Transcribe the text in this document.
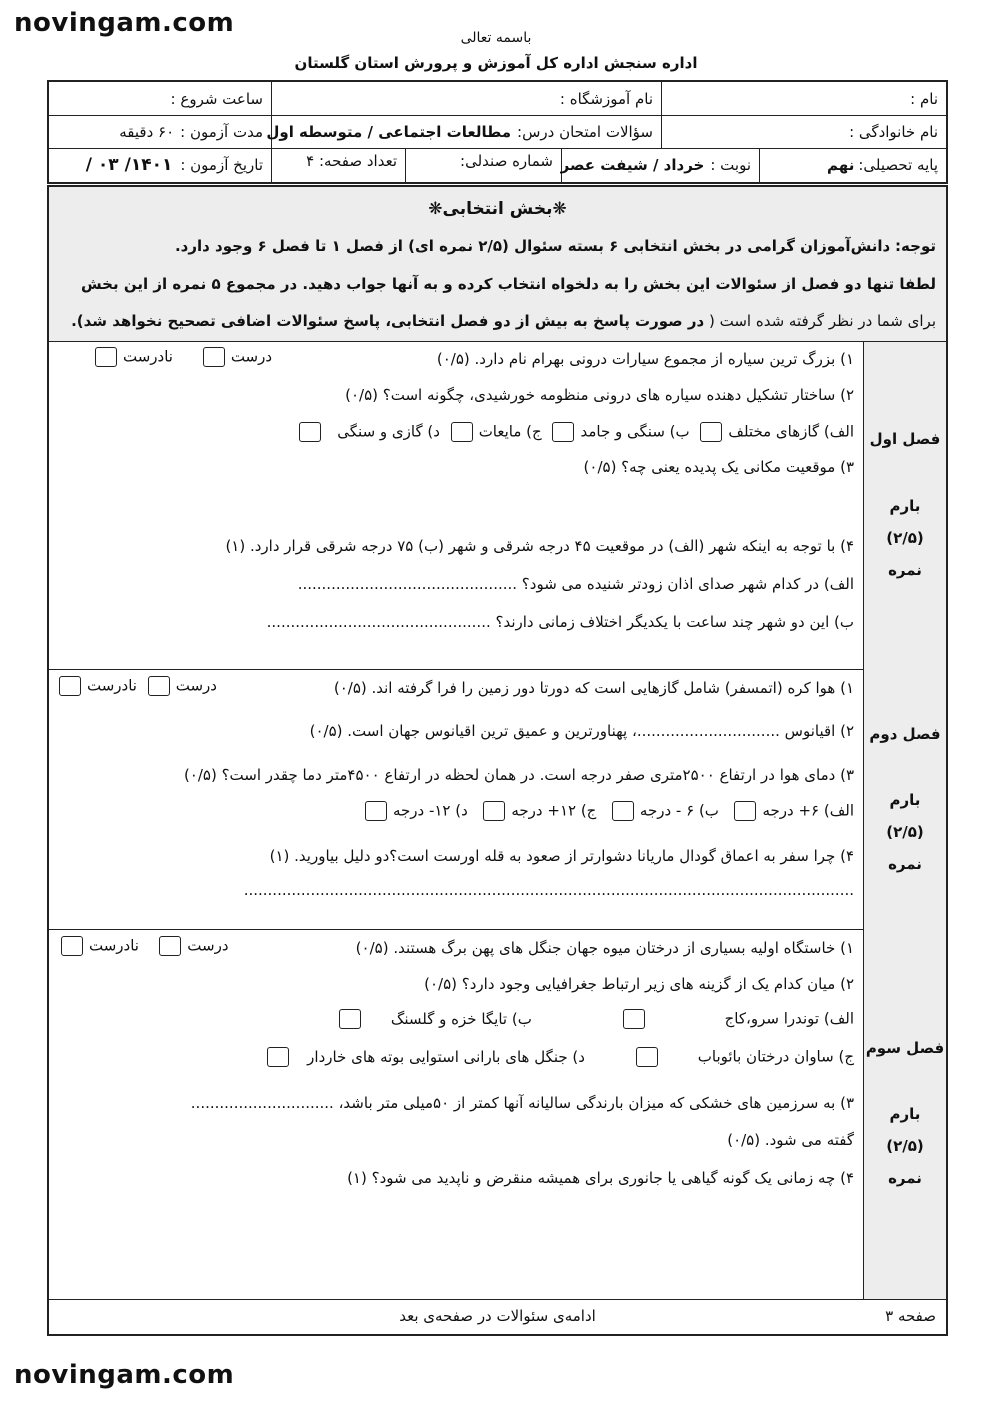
novingam.com	باسمه تعالی
اداره سنجش اداره کل آموزش و پرورش استان گلستان
نام :
نام آموزشگاه :
ساعت شروع :
نام خانوادگی :
سؤالات امتحان درس:
مطالعات اجتماعی / متوسطه اول
مدت آزمون :
۶۰ دقیقه
پایه تحصیلی:
نهم
نوبت :
خرداد / شیفت عصر
شماره صندلی:
تعداد صفحه: ۴
تاریخ آزمون :
۱۴۰۱/ ۰۳ /
❋بخش انتخابی❋
توجه: دانش‌آموزان گرامی در بخش انتخابی ۶ بسته سئوال (۲/۵ نمره ای) از فصل ۱ تا فصل ۶ وجود دارد.
لطفا تنها دو فصل از سئوالات این بخش را به دلخواه انتخاب کرده و به آنها جواب دهید. در مجموع ۵ نمره از این بخش
برای شما در نظر گرفته شده است ( در صورت پاسخ به بیش از دو فصل انتخابی، پاسخ سئوالات اضافی تصحیح نخواهد شد).
فصل اول
بارم
(۲/۵)
نمره
۱) بزرگ ترین سیاره از مجموع سیارات درونی بهرام نام دارد. (۰/۵)
درست     نادرست
۲) ساختار تشکیل دهنده سیاره های درونی منظومه خورشیدی، چگونه است؟ (۰/۵)
الف) گازهای مختلف ب) سنگی و جامد ج) مایعات د) گازی و سنگی
۳) موقعیت مکانی یک پدیده یعنی چه؟ (۰/۵)
۴) با توجه به اینکه شهر (الف) در موقعیت ۴۵ درجه شرقی و شهر (ب) ۷۵ درجه شرقی قرار دارد. (۱)
الف) در کدام شهر صدای اذان زودتر شنیده می شود؟ ..............................................
ب) این دو شهر چند ساعت با یکدیگر اختلاف زمانی دارند؟ ...............................................
فصل دوم
بارم
(۲/۵)
نمره
۱) هوا کره (اتمسفر) شامل گازهایی است که دورتا دور زمین را فرا گرفته اند. (۰/۵)
درست نادرست
۲) اقیانوس ..............................، پهناورترین و عمیق ترین اقیانوس جهان است. (۰/۵)
۳) دمای هوا در ارتفاع ۲۵۰۰متری صفر درجه است. در همان لحظه در ارتفاع ۴۵۰۰متر دما چقدر است؟ (۰/۵)
الف) ۶+ درجه  ب) ۶ - درجه  ج) ۱۲+ درجه  د) ۱۲- درجه
۴) چرا سفر به اعماق گودال ماریانا دشوارتر از صعود به قله اورست است؟دو دلیل بیاورید. (۱)
................................................................................................................................
فصل سوم
بارم
(۲/۵)
نمره
۱) خاستگاه اولیه بسیاری از درختان میوه جهان جنگل های پهن برگ هستند. (۰/۵)
درست   نادرست
۲) میان کدام یک از گزینه های زیر ارتباط جغرافیایی وجود دارد؟ (۰/۵)
الف) توندرا سرو،کاج ب) تایگا خزه و گلسنگ
ج) ساوان درختان بائوباب د) جنگل های بارانی استوایی بوته های خاردار
۳) به سرزمین های خشکی که میزان بارندگی سالیانه آنها کمتر از ۵۰میلی متر باشد، ..............................
گفته می شود. (۰/۵)
۴) چه زمانی یک گونه گیاهی یا جانوری برای همیشه منقرض و ناپدید می شود؟ (۱)
صفحه ۳
ادامه‌ی سئوالات در صفحه‌ی بعد
novingam.com
